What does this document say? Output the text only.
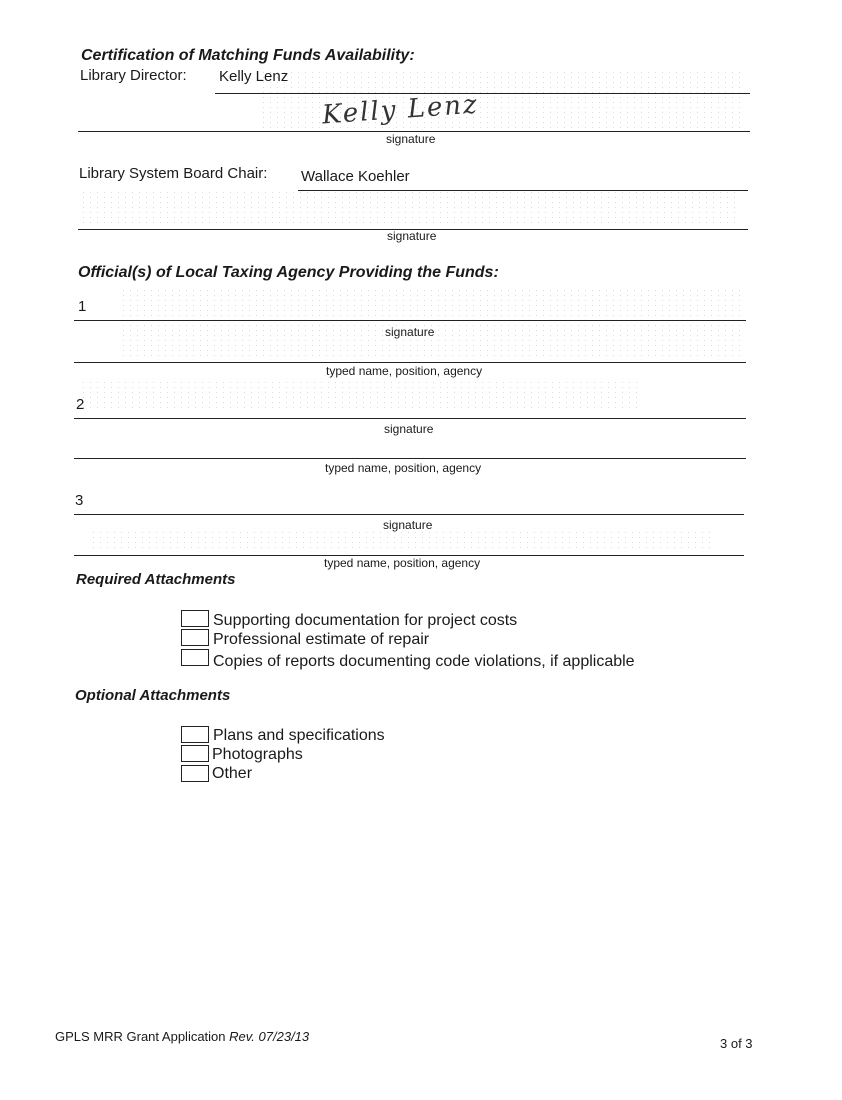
Certification of Matching Funds Availability:
Library Director: Kelly Lenz
Kelly Lenz
signature
Library System Board Chair: Wallace Koehler
signature
Official(s) of Local Taxing Agency Providing the Funds:
1
signature
typed name, position, agency
2
signature
typed name, position, agency
3
signature
typed name, position, agency
Required Attachments
Supporting documentation for project costs
Professional estimate of repair
Copies of reports documenting code violations, if applicable
Optional Attachments
Plans and specifications
Photographs
Other
GPLS MRR Grant Application Rev. 07/23/13	3 of 3
